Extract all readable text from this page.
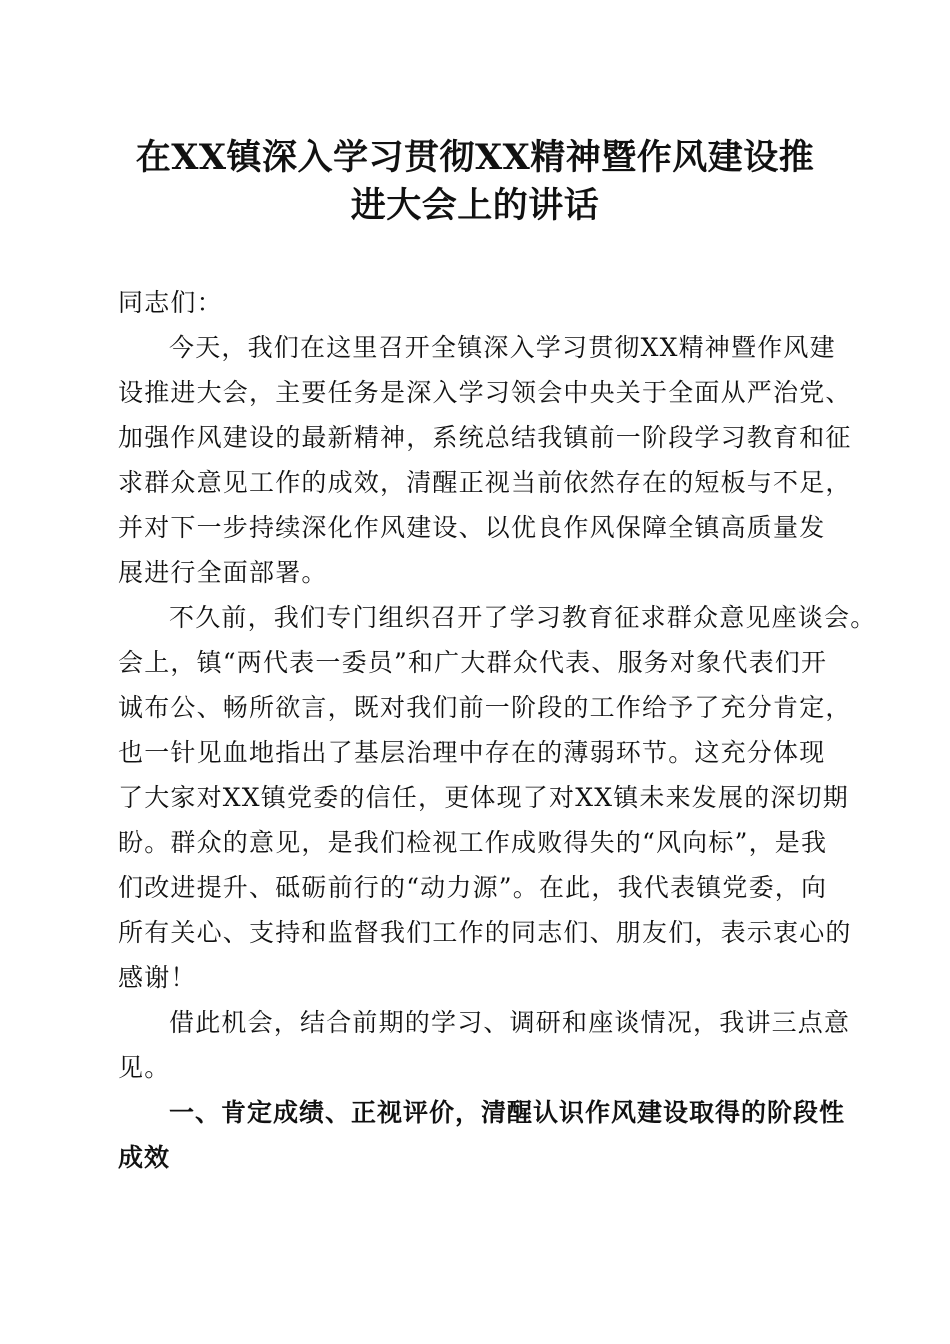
在XX镇深入学习贯彻XX精神暨作风建设推
进大会上的讲话

同志们：

今天，我们在这里召开全镇深入学习贯彻XX精神暨作风建
设推进大会，主要任务是深入学习领会中央关于全面从严治党、
加强作风建设的最新精神，系统总结我镇前一阶段学习教育和征
求群众意见工作的成效，清醒正视当前依然存在的短板与不足，
并对下一步持续深化作风建设、以优良作风保障全镇高质量发
展进行全面部署。

不久前，我们专门组织召开了学习教育征求群众意见座谈会。
会上，镇“两代表一委员”和广大群众代表、服务对象代表们开
诚布公、畅所欲言，既对我们前一阶段的工作给予了充分肯定，
也一针见血地指出了基层治理中存在的薄弱环节。这充分体现
了大家对XX镇党委的信任，更体现了对XX镇未来发展的深切期
盼。群众的意见，是我们检视工作成败得失的“风向标”，是我
们改进提升、砥砺前行的“动力源”。在此，我代表镇党委，向
所有关心、支持和监督我们工作的同志们、朋友们，表示衷心的
感谢！

借此机会，结合前期的学习、调研和座谈情况，我讲三点意
见。

一、肯定成绩、正视评价，清醒认识作风建设取得的阶段性
成效
